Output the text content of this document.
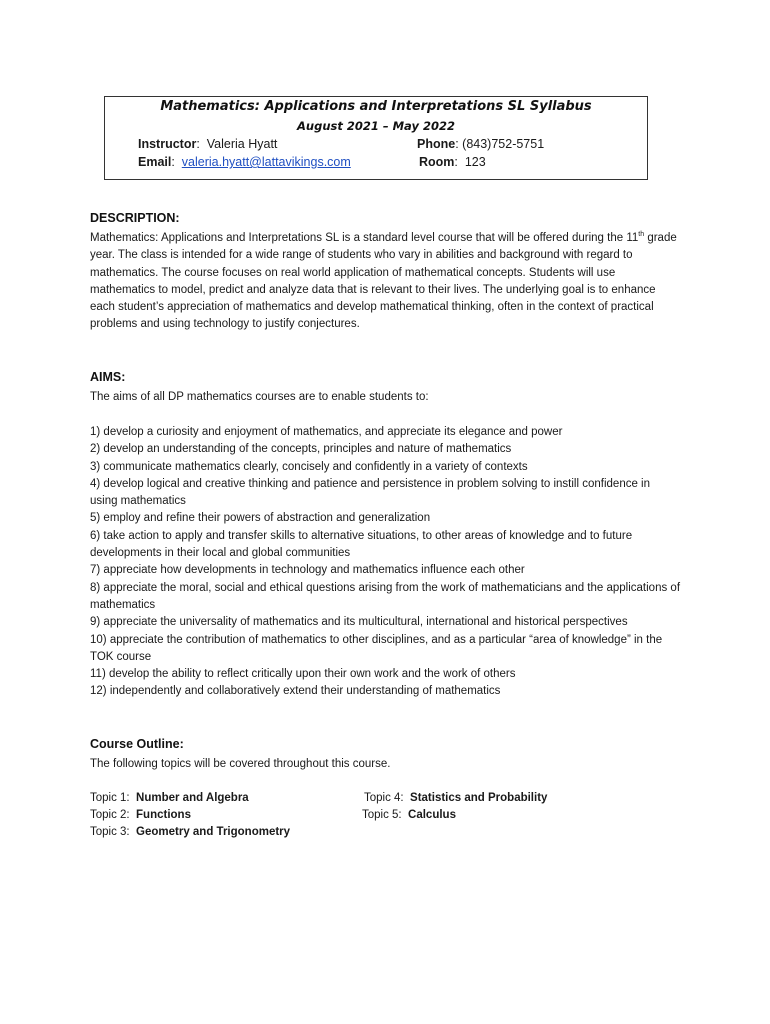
Mathematics: Applications and Interpretations SL Syllabus
August 2021 – May 2022
Instructor:  Valeria Hyatt	Phone: (843)752-5751
Email:  valeria.hyatt@lattavikings.com	Room:  123
DESCRIPTION:
Mathematics: Applications and Interpretations SL is a standard level course that will be offered during the 11th grade year. The class is intended for a wide range of students who vary in abilities and background with regard to mathematics. The course focuses on real world application of mathematical concepts. Students will use mathematics to model, predict and analyze data that is relevant to their lives. The underlying goal is to enhance each student’s appreciation of mathematics and develop mathematical thinking, often in the context of practical problems and using technology to justify conjectures.
AIMS:
The aims of all DP mathematics courses are to enable students to:
1) develop a curiosity and enjoyment of mathematics, and appreciate its elegance and power
2) develop an understanding of the concepts, principles and nature of mathematics
3) communicate mathematics clearly, concisely and confidently in a variety of contexts
4) develop logical and creative thinking and patience and persistence in problem solving to instill confidence in using mathematics
5) employ and refine their powers of abstraction and generalization
6) take action to apply and transfer skills to alternative situations, to other areas of knowledge and to future developments in their local and global communities
7) appreciate how developments in technology and mathematics influence each other
8) appreciate the moral, social and ethical questions arising from the work of mathematicians and the applications of mathematics
9) appreciate the universality of mathematics and its multicultural, international and historical perspectives
10) appreciate the contribution of mathematics to other disciplines, and as a particular “area of knowledge” in the TOK course
11) develop the ability to reflect critically upon their own work and the work of others
12) independently and collaboratively extend their understanding of mathematics
Course Outline:
The following topics will be covered throughout this course.
Topic 1: Number and Algebra
Topic 2: Functions
Topic 3: Geometry and Trigonometry
Topic 4: Statistics and Probability
Topic 5: Calculus
